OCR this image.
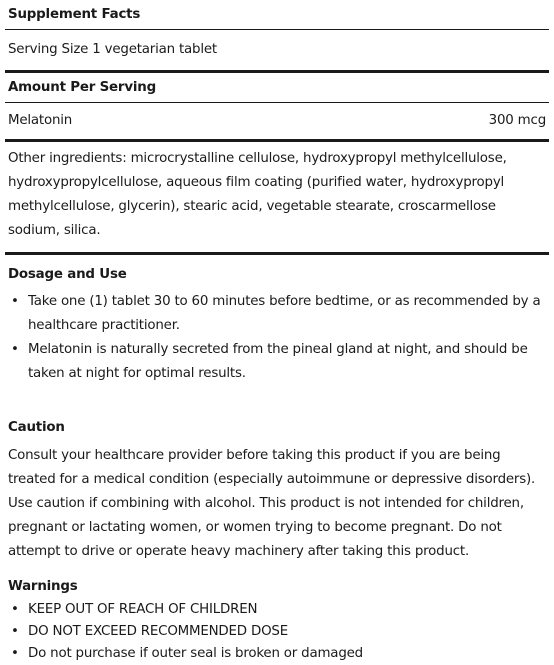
Supplement Facts
Serving Size 1 vegetarian tablet
Amount Per Serving
Melatonin	300 mcg
Other ingredients: microcrystalline cellulose, hydroxypropyl methylcellulose, hydroxypropylcellulose, aqueous film coating (purified water, hydroxypropyl methylcellulose, glycerin), stearic acid, vegetable stearate, croscarmellose sodium, silica.
Dosage and Use
• Take one (1) tablet 30 to 60 minutes before bedtime, or as recommended by a healthcare practitioner.
• Melatonin is naturally secreted from the pineal gland at night, and should be taken at night for optimal results.
Caution
Consult your healthcare provider before taking this product if you are being treated for a medical condition (especially autoimmune or depressive disorders). Use caution if combining with alcohol. This product is not intended for children, pregnant or lactating women, or women trying to become pregnant. Do not attempt to drive or operate heavy machinery after taking this product.
Warnings
• KEEP OUT OF REACH OF CHILDREN
• DO NOT EXCEED RECOMMENDED DOSE
• Do not purchase if outer seal is broken or damaged
